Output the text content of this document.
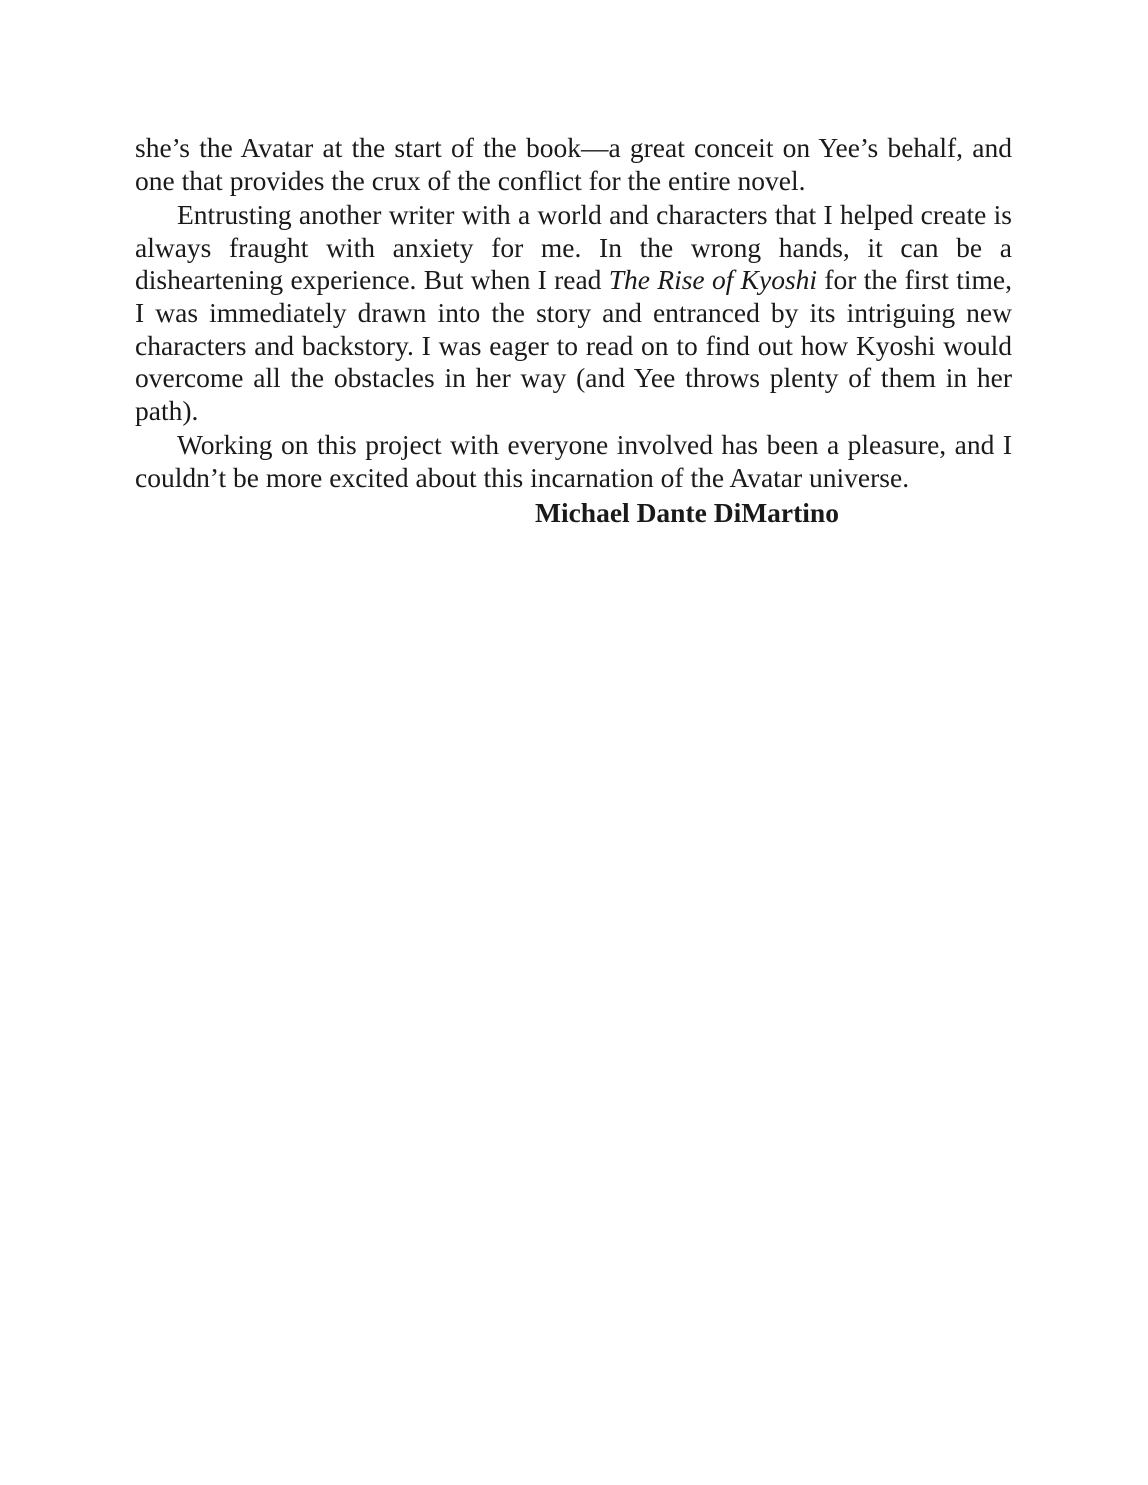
she’s the Avatar at the start of the book—a great conceit on Yee’s behalf, and one that provides the crux of the conflict for the entire novel.

Entrusting another writer with a world and characters that I helped create is always fraught with anxiety for me. In the wrong hands, it can be a disheartening experience. But when I read The Rise of Kyoshi for the first time, I was immediately drawn into the story and entranced by its intriguing new characters and backstory. I was eager to read on to find out how Kyoshi would overcome all the obstacles in her way (and Yee throws plenty of them in her path).

Working on this project with everyone involved has been a pleasure, and I couldn’t be more excited about this incarnation of the Avatar universe.

Michael Dante DiMartino
